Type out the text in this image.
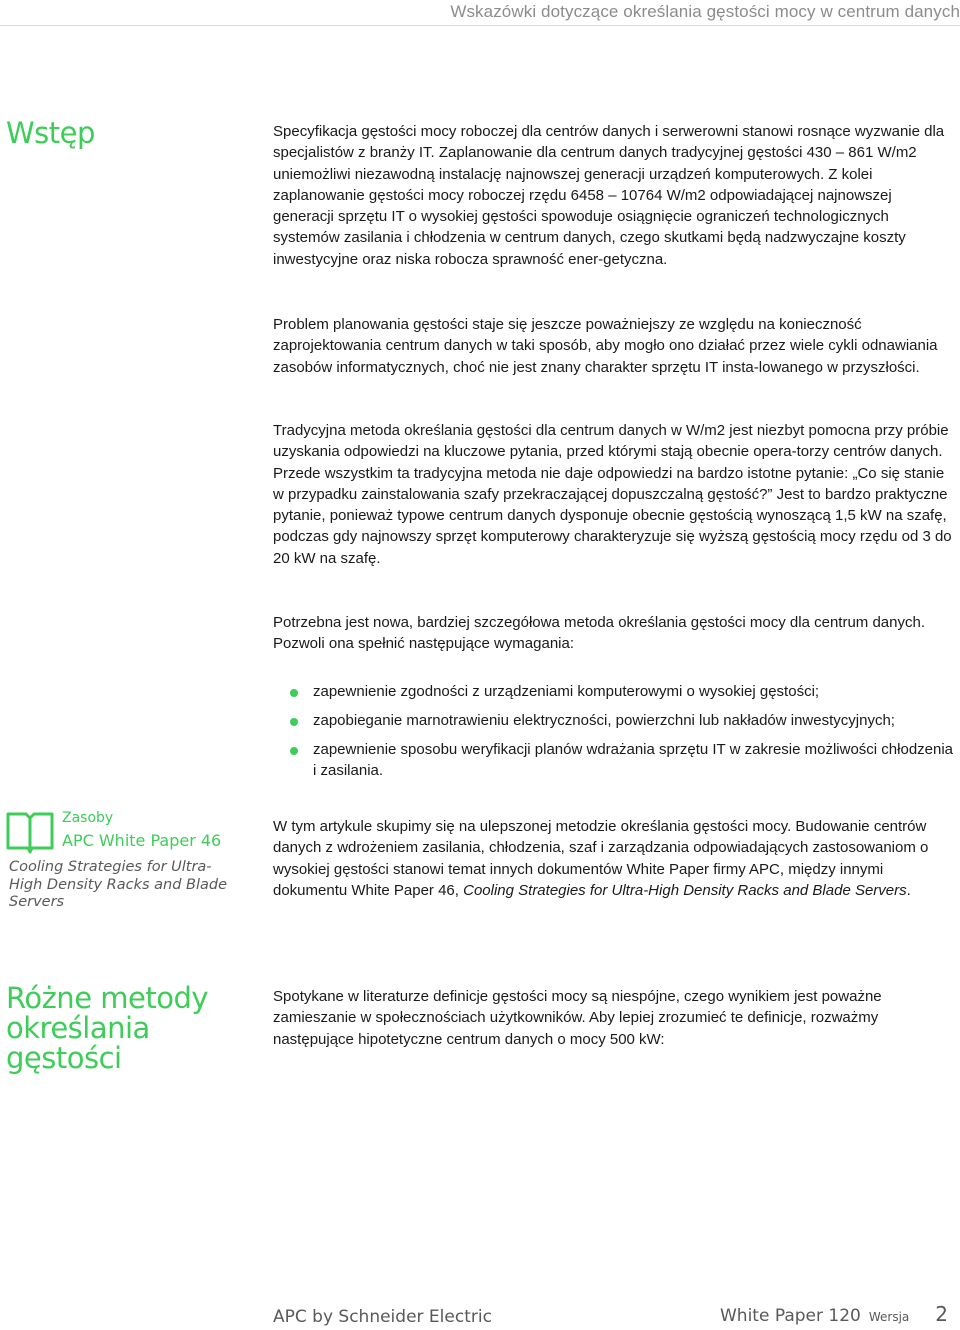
Wskazówki dotyczące określania gęstości mocy w centrum danych
Wstęp	Specyfikacja gęstości mocy roboczej dla centrów danych i serwerowni stanowi rosnące wyzwanie dla specjalistów z branży IT. Zaplanowanie dla centrum danych tradycyjnej gęstości 430 – 861 W/m2 uniemożliwi niezawodną instalację najnowszej generacji urządzeń komputerowych. Z kolei zaplanowanie gęstości mocy roboczej rzędu 6458 – 10764 W/m2 odpowiadającej najnowszej generacji sprzętu IT o wysokiej gęstości spowoduje osiągnięcie ograniczeń technologicznych systemów zasilania i chłodzenia w centrum danych, czego skutkami będą nadzwyczajne koszty inwestycyjne oraz niska robocza sprawność ener-getyczna.

Problem planowania gęstości staje się jeszcze poważniejszy ze względu na konieczność zaprojektowania centrum danych w taki sposób, aby mogło ono działać przez wiele cykli odnawiania zasobów informatycznych, choć nie jest znany charakter sprzętu IT insta-lowanego w przyszłości.

Tradycyjna metoda określania gęstości dla centrum danych w W/m2 jest niezbyt pomocna przy próbie uzyskania odpowiedzi na kluczowe pytania, przed którymi stają obecnie opera-torzy centrów danych. Przede wszystkim ta tradycyjna metoda nie daje odpowiedzi na bardzo istotne pytanie: „Co się stanie w przypadku zainstalowania szafy przekraczającej dopuszczalną gęstość?” Jest to bardzo praktyczne pytanie, ponieważ typowe centrum danych dysponuje obecnie gęstością wynoszącą 1,5 kW na szafę, podczas gdy najnowszy sprzęt komputerowy charakteryzuje się wyższą gęstością mocy rzędu od 3 do 20 kW na szafę.

Potrzebna jest nowa, bardziej szczegółowa metoda określania gęstości mocy dla centrum danych. Pozwoli ona spełnić następujące wymagania:

zapewnienie zgodności z urządzeniami komputerowymi o wysokiej gęstości;
zapobieganie marnotrawieniu elektryczności, powierzchni lub nakładów inwestycyjnych;
zapewnienie sposobu weryfikacji planów wdrażania sprzętu IT w zakresie możliwości chłodzenia i zasilania.
Zasoby
APC White Paper 46
Cooling Strategies for Ultra-High Density Racks and Blade Servers

W tym artykule skupimy się na ulepszonej metodzie określania gęstości mocy. Budowanie centrów danych z wdrożeniem zasilania, chłodzenia, szaf i zarządzania odpowiadających zastosowaniom o wysokiej gęstości stanowi temat innych dokumentów White Paper firmy APC, między innymi dokumentu White Paper 46, Cooling Strategies for Ultra-High Density Racks and Blade Servers.

Różne metody
określania
gęstości

Spotykane w literaturze definicje gęstości mocy są niespójne, czego wynikiem jest poważne zamieszanie w społecznościach użytkowników. Aby lepiej zrozumieć te definicje, rozważmy następujące hipotetyczne centrum danych o mocy 500 kW:

APC by Schneider Electric	White Paper 120 Wersja 2
